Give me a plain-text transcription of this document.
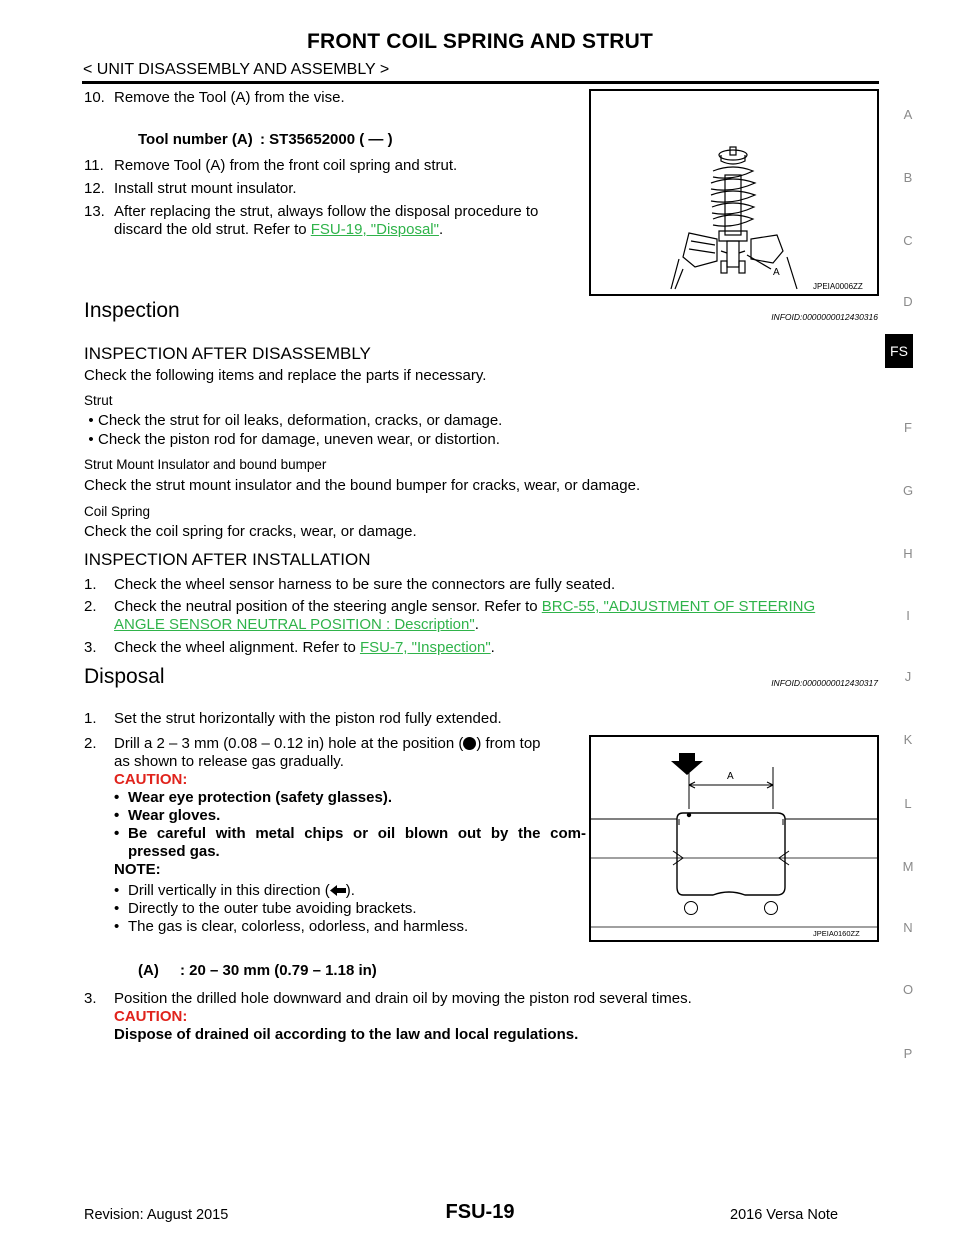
FRONT COIL SPRING AND STRUT
< UNIT DISASSEMBLY AND ASSEMBLY >
10. Remove the Tool (A) from the vise.
Tool number (A) : ST35652000 ( — )
11. Remove Tool (A) from the front coil spring and strut.
12. Install strut mount insulator.
13. After replacing the strut, always follow the disposal procedure to
discard the old strut. Refer to FSU-19, "Disposal".
A
JPEIA0006ZZ
Inspection	INFOID:0000000012430316
INSPECTION AFTER DISASSEMBLY
Check the following items and replace the parts if necessary.
Strut
• Check the strut for oil leaks, deformation, cracks, or damage.
• Check the piston rod for damage, uneven wear, or distortion.
Strut Mount Insulator and bound bumper
Check the strut mount insulator and the bound bumper for cracks, wear, or damage.
Coil Spring
Check the coil spring for cracks, wear, or damage.
INSPECTION AFTER INSTALLATION
1. Check the wheel sensor harness to be sure the connectors are fully seated.
2. Check the neutral position of the steering angle sensor. Refer to BRC-55, "ADJUSTMENT OF STEERING
ANGLE SENSOR NEUTRAL POSITION : Description".
3. Check the wheel alignment. Refer to FSU-7, "Inspection".
Disposal	INFOID:0000000012430317
1. Set the strut horizontally with the piston rod fully extended.
2. Drill a 2 – 3 mm (0.08 – 0.12 in) hole at the position ( ) from top
as shown to release gas gradually.
CAUTION:
• Wear eye protection (safety glasses).
• Wear gloves.
• Be careful with metal chips or oil blown out by the com-
pressed gas.
NOTE:
• Drill vertically in this direction ( ).
• Directly to the outer tube avoiding brackets.
• The gas is clear, colorless, odorless, and harmless.
A
JPEIA0160ZZ
(A) : 20 – 30 mm (0.79 – 1.18 in)
3. Position the drilled hole downward and drain oil by moving the piston rod several times.
CAUTION:
Dispose of drained oil according to the law and local regulations.
A
B
C
D
F
G
H
I
J
K
L
M
N
O
P
FS
Revision: August 2015	FSU-19	2016 Versa Note
